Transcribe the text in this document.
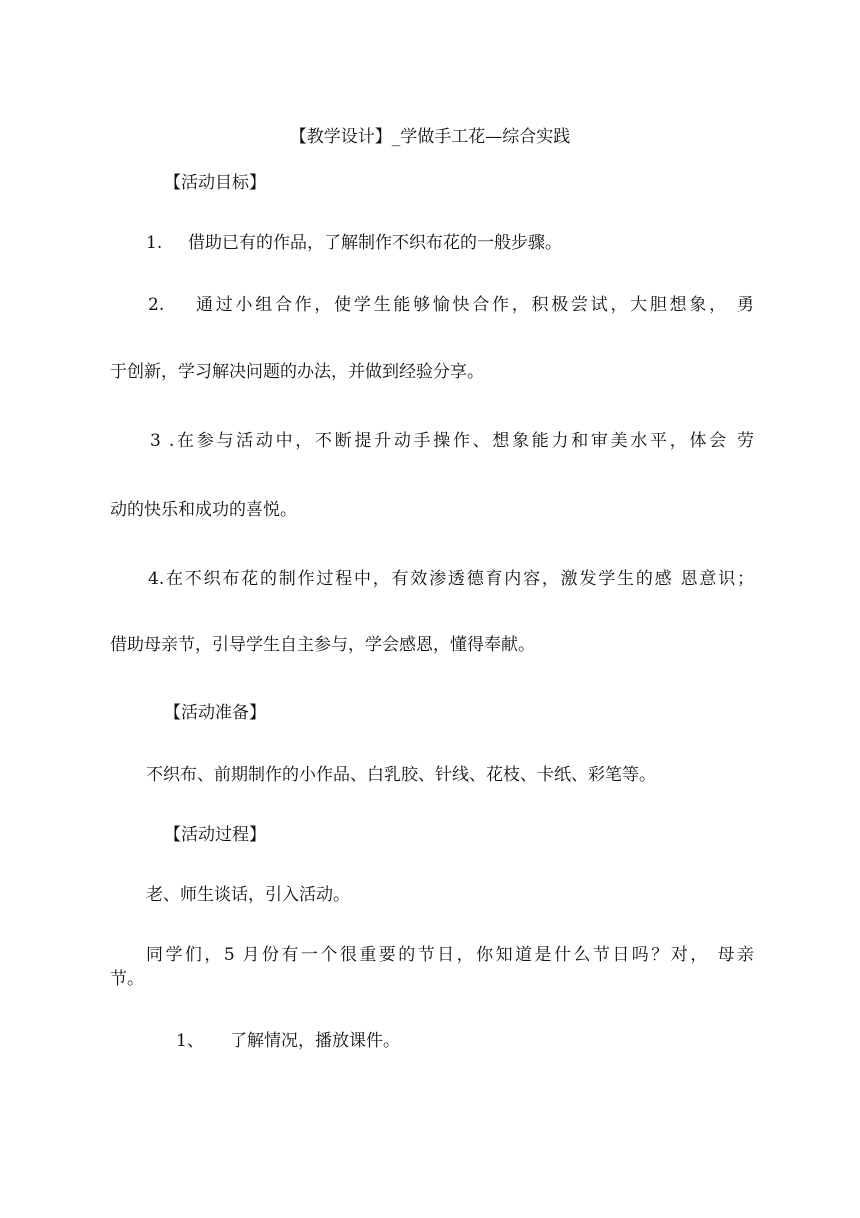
【教学设计】_学做手工花—综合实践
【活动目标】
1. 借助已有的作品，了解制作不织布花的一般步骤。
2. 通过小组合作，使学生能够愉快合作，积极尝试，大胆想象， 勇
于创新，学习解决问题的办法，并做到经验分享。
3 .在参与活动中，不断提升动手操作、想象能力和审美水平，体会 劳
动的快乐和成功的喜悦。
4.在不织布花的制作过程中，有效渗透德育内容，激发学生的感 恩意识；
借助母亲节，引导学生自主参与，学会感恩，懂得奉献。
【活动准备】
不织布、前期制作的小作品、白乳胶、针线、花枝、卡纸、彩笔等。
【活动过程】
老、师生谈话，引入活动。
同学们，5 月份有一个很重要的节日，你知道是什么节日吗？对， 母亲
节。
1、 了解情况，播放课件。
